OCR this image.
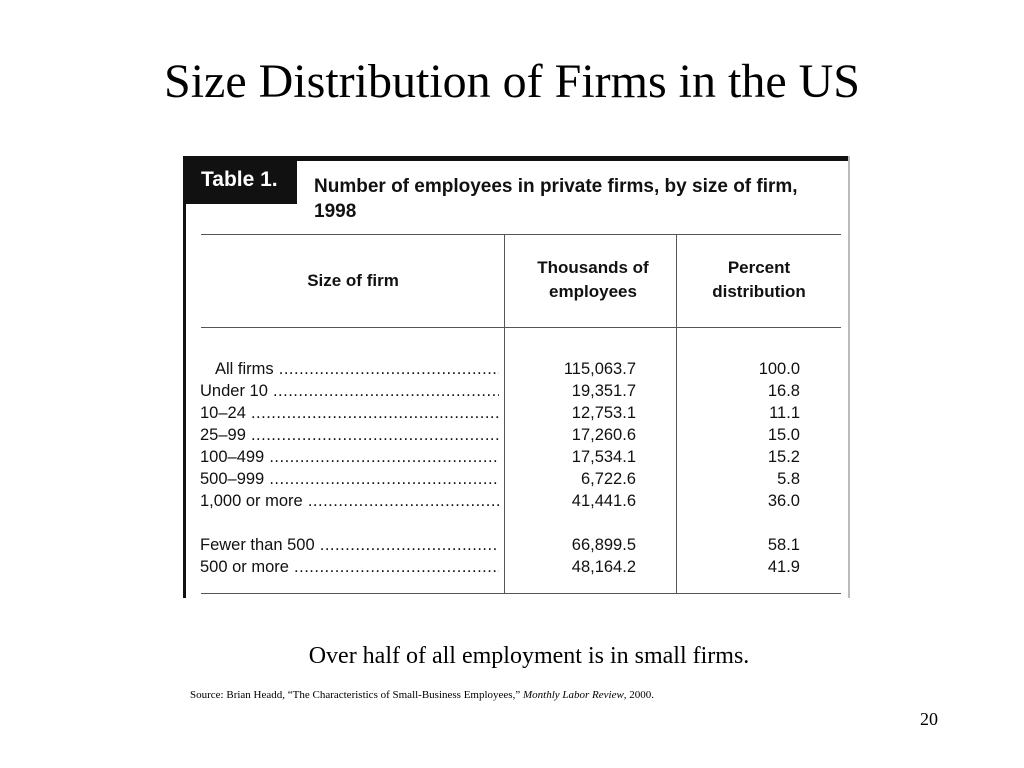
Size Distribution of Firms in the US
Table 1.	Number of employees in private firms, by size of firm, 1998
Size of firm
Thousands of employees
Percent distribution
All firms .....	115,063.7	100.0
Under 10 .....	19,351.7	16.8
10–24 .....	12,753.1	11.1
25–99 .....	17,260.6	15.0
100–499 .....	17,534.1	15.2
500–999 .....	6,722.6	5.8
1,000 or more .....	41,441.6	36.0
Fewer than 500 .....	66,899.5	58.1
500 or more .....	48,164.2	41.9
Over half of all employment is in small firms.
Source: Brian Headd, “The Characteristics of Small-Business Employees,” Monthly Labor Review, 2000.
20
